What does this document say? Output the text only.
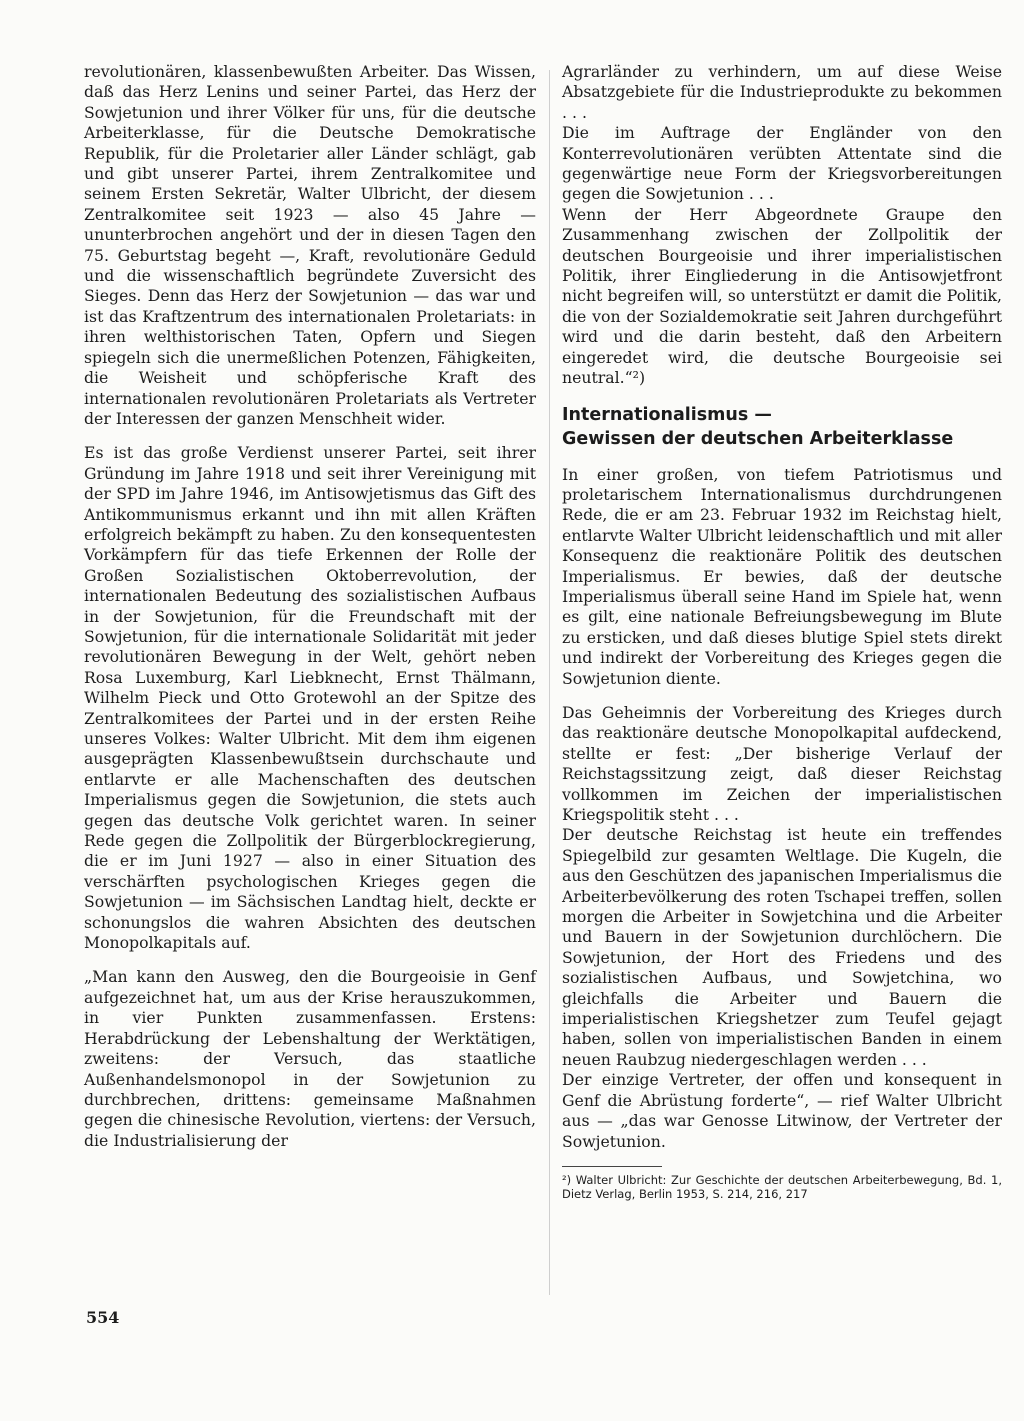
revolutionären, klassenbewußten Arbeiter. Das Wissen, daß das Herz Lenins und seiner Partei, das Herz der Sowjetunion und ihrer Völker für uns, für die deutsche Arbeiterklasse, für die Deutsche Demokratische Republik, für die Proletarier aller Länder schlägt, gab und gibt unserer Partei, ihrem Zentralkomitee und seinem Ersten Sekretär, Walter Ulbricht, der diesem Zentralkomitee seit 1923 — also 45 Jahre — ununterbrochen angehört und der in diesen Tagen den 75. Geburtstag begeht —, Kraft, revolutionäre Geduld und die wissenschaftlich begründete Zuversicht des Sieges. Denn das Herz der Sowjetunion — das war und ist das Kraftzentrum des internationalen Proletariats: in ihren welthistorischen Taten, Opfern und Siegen spiegeln sich die unermeßlichen Potenzen, Fähigkeiten, die Weisheit und schöpferische Kraft des internationalen revolutionären Proletariats als Vertreter der Interessen der ganzen Menschheit wider.

Es ist das große Verdienst unserer Partei, seit ihrer Gründung im Jahre 1918 und seit ihrer Vereinigung mit der SPD im Jahre 1946, im Antisowjetismus das Gift des Antikommunismus erkannt und ihn mit allen Kräften erfolgreich bekämpft zu haben. Zu den konsequentesten Vorkämpfern für das tiefe Erkennen der Rolle der Großen Sozialistischen Oktoberrevolution, der internationalen Bedeutung des sozialistischen Aufbaus in der Sowjetunion, für die Freundschaft mit der Sowjetunion, für die internationale Solidarität mit jeder revolutionären Bewegung in der Welt, gehört neben Rosa Luxemburg, Karl Liebknecht, Ernst Thälmann, Wilhelm Pieck und Otto Grotewohl an der Spitze des Zentralkomitees der Partei und in der ersten Reihe unseres Volkes: Walter Ulbricht. Mit dem ihm eigenen ausgeprägten Klassenbewußtsein durchschaute und entlarvte er alle Machenschaften des deutschen Imperialismus gegen die Sowjetunion, die stets auch gegen das deutsche Volk gerichtet waren. In seiner Rede gegen die Zollpolitik der Bürgerblockregierung, die er im Juni 1927 — also in einer Situation des verschärften psychologischen Krieges gegen die Sowjetunion — im Sächsischen Landtag hielt, deckte er schonungslos die wahren Absichten des deutschen Monopolkapitals auf.

„Man kann den Ausweg, den die Bourgeoisie in Genf aufgezeichnet hat, um aus der Krise herauszukommen, in vier Punkten zusammenfassen. Erstens: Herabdrückung der Lebenshaltung der Werktätigen, zweitens: der Versuch, das staatliche Außenhandelsmonopol in der Sowjetunion zu durchbrechen, drittens: gemeinsame Maßnahmen gegen die chinesische Revolution, viertens: der Versuch, die Industrialisierung der

Agrarländer zu verhindern, um auf diese Weise Absatzgebiete für die Industrieprodukte zu bekommen . . .

Die im Auftrage der Engländer von den Konterrevolutionären verübten Attentate sind die gegenwärtige neue Form der Kriegsvorbereitungen gegen die Sowjetunion . . .

Wenn der Herr Abgeordnete Graupe den Zusammenhang zwischen der Zollpolitik der deutschen Bourgeoisie und ihrer imperialistischen Politik, ihrer Eingliederung in die Antisowjetfront nicht begreifen will, so unterstützt er damit die Politik, die von der Sozialdemokratie seit Jahren durchgeführt wird und die darin besteht, daß den Arbeitern eingeredet wird, die deutsche Bourgeoisie sei neutral.“²)

Internationalismus —
Gewissen der deutschen Arbeiterklasse

In einer großen, von tiefem Patriotismus und proletarischem Internationalismus durchdrungenen Rede, die er am 23. Februar 1932 im Reichstag hielt, entlarvte Walter Ulbricht leidenschaftlich und mit aller Konsequenz die reaktionäre Politik des deutschen Imperialismus. Er bewies, daß der deutsche Imperialismus überall seine Hand im Spiele hat, wenn es gilt, eine nationale Befreiungsbewegung im Blute zu ersticken, und daß dieses blutige Spiel stets direkt und indirekt der Vorbereitung des Krieges gegen die Sowjetunion diente.

Das Geheimnis der Vorbereitung des Krieges durch das reaktionäre deutsche Monopolkapital aufdeckend, stellte er fest: „Der bisherige Verlauf der Reichstagssitzung zeigt, daß dieser Reichstag vollkommen im Zeichen der imperialistischen Kriegspolitik steht . . .

Der deutsche Reichstag ist heute ein treffendes Spiegelbild zur gesamten Weltlage. Die Kugeln, die aus den Geschützen des japanischen Imperialismus die Arbeiterbevölkerung des roten Tschapei treffen, sollen morgen die Arbeiter in Sowjetchina und die Arbeiter und Bauern in der Sowjetunion durchlöchern. Die Sowjetunion, der Hort des Friedens und des sozialistischen Aufbaus, und Sowjetchina, wo gleichfalls die Arbeiter und Bauern die imperialistischen Kriegshetzer zum Teufel gejagt haben, sollen von imperialistischen Banden in einem neuen Raubzug niedergeschlagen werden . . .

Der einzige Vertreter, der offen und konsequent in Genf die Abrüstung forderte“, — rief Walter Ulbricht aus — „das war Genosse Litwinow, der Vertreter der Sowjetunion.

²) Walter Ulbricht: Zur Geschichte der deutschen Arbeiterbewegung, Bd. 1, Dietz Verlag, Berlin 1953, S. 214, 216, 217

554
